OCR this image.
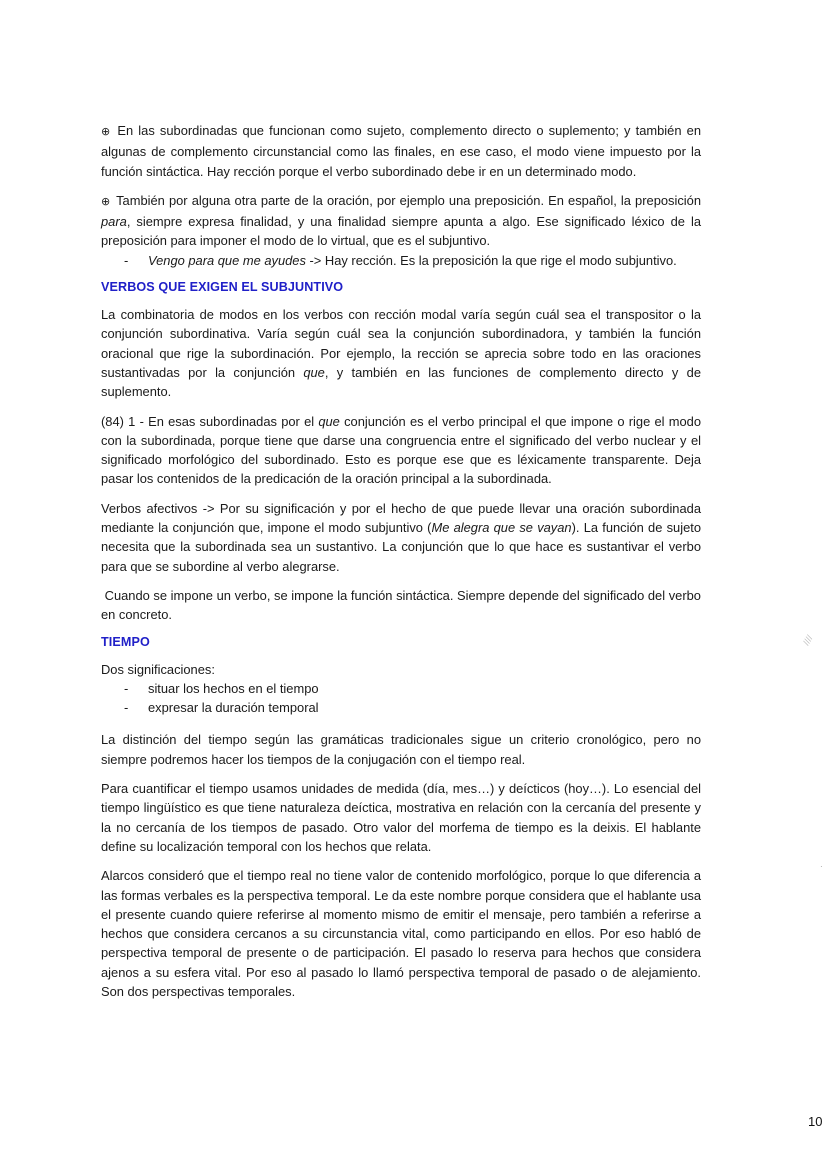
⊕ En las subordinadas que funcionan como sujeto, complemento directo o suplemento; y también en algunas de complemento circunstancial como las finales, en ese caso, el modo viene impuesto por la función sintáctica. Hay rección porque el verbo subordinado debe ir en un determinado modo.

⊕ También por alguna otra parte de la oración, por ejemplo una preposición. En español, la preposición para, siempre expresa finalidad, y una finalidad siempre apunta a algo. Ese significado léxico de la preposición para imponer el modo de lo virtual, que es el subjuntivo.

- Vengo para que me ayudes -> Hay rección. Es la preposición la que rige el modo subjuntivo.
VERBOS QUE EXIGEN EL SUBJUNTIVO

La combinatoria de modos en los verbos con rección modal varía según cuál sea el transpositor o la conjunción subordinativa. Varía según cuál sea la conjunción subordinadora, y también la función oracional que rige la subordinación. Por ejemplo, la rección se aprecia sobre todo en las oraciones sustantivadas por la conjunción que, y también en las funciones de complemento directo y de suplemento.

(84) 1 - En esas subordinadas por el que conjunción es el verbo principal el que impone o rige el modo con la subordinada, porque tiene que darse una congruencia entre el significado del verbo nuclear y el significado morfológico del subordinado. Esto es porque ese que es léxicamente transparente. Deja pasar los contenidos de la predicación de la oración principal a la subordinada.

Verbos afectivos -> Por su significación y por el hecho de que puede llevar una oración subordinada mediante la conjunción que, impone el modo subjuntivo (Me alegra que se vayan). La función de sujeto necesita que la subordinada sea un sustantivo. La conjunción que lo que hace es sustantivar el verbo para que se subordine al verbo alegrarse.

Cuando se impone un verbo, se impone la función sintáctica. Siempre depende del significado del verbo en concreto.

TIEMPO

Dos significaciones:

- situar los hechos en el tiempo
- expresar la duración temporal

La distinción del tiempo según las gramáticas tradicionales sigue un criterio cronológico, pero no siempre podremos hacer los tiempos de la conjugación con el tiempo real.

Para cuantificar el tiempo usamos unidades de medida (día, mes…) y deícticos (hoy…). Lo esencial del tiempo lingüístico es que tiene naturaleza deíctica, mostrativa en relación con la cercanía del presente y la no cercanía de los tiempos de pasado. Otro valor del morfema de tiempo es la deixis. El hablante define su localización temporal con los hechos que relata.

Alarcos consideró que el tiempo real no tiene valor de contenido morfológico, porque lo que diferencia a las formas verbales es la perspectiva temporal. Le da este nombre porque considera que el hablante usa el presente cuando quiere referirse al momento mismo de emitir el mensaje, pero también a referirse a hechos que considera cercanos a su circunstancia vital, como participando en ellos. Por eso habló de perspectiva temporal de presente o de participación. El pasado lo reserva para hechos que considera ajenos a su esfera vital. Por eso al pasado lo llamó perspectiva temporal de pasado o de alejamiento. Son dos perspectivas temporales.

////
·
10
